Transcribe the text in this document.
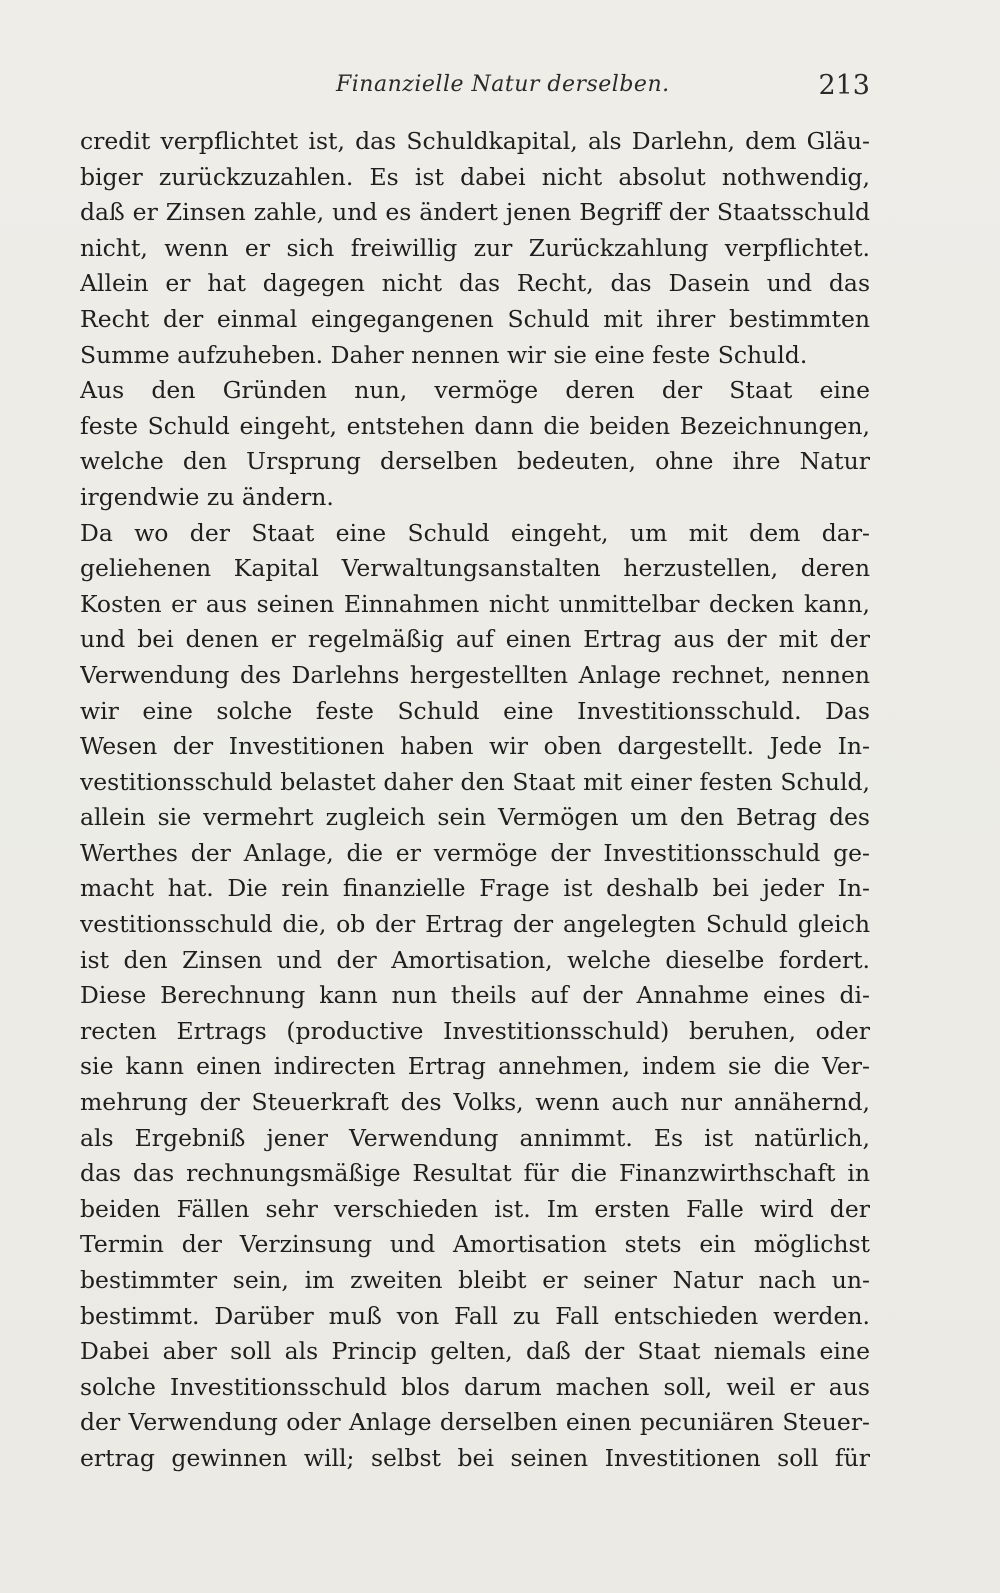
Finanzielle Natur derselben.	213
credit verpflichtet ist, das Schuldkapital, als Darlehn, dem Gläu-
biger zurückzuzahlen. Es ist dabei nicht absolut nothwendig,
daß er Zinsen zahle, und es ändert jenen Begriff der Staatsschuld
nicht, wenn er sich freiwillig zur Zurückzahlung verpflichtet.
Allein er hat dagegen nicht das Recht, das Dasein und das
Recht der einmal eingegangenen Schuld mit ihrer bestimmten
Summe aufzuheben. Daher nennen wir sie eine feste Schuld.
Aus den Gründen nun, vermöge deren der Staat eine
feste Schuld eingeht, entstehen dann die beiden Bezeichnungen,
welche den Ursprung derselben bedeuten, ohne ihre Natur
irgendwie zu ändern.
Da wo der Staat eine Schuld eingeht, um mit dem dar-
geliehenen Kapital Verwaltungsanstalten herzustellen, deren
Kosten er aus seinen Einnahmen nicht unmittelbar decken kann,
und bei denen er regelmäßig auf einen Ertrag aus der mit der
Verwendung des Darlehns hergestellten Anlage rechnet, nennen
wir eine solche feste Schuld eine Investitionsschuld. Das
Wesen der Investitionen haben wir oben dargestellt. Jede In-
vestitionsschuld belastet daher den Staat mit einer festen Schuld,
allein sie vermehrt zugleich sein Vermögen um den Betrag des
Werthes der Anlage, die er vermöge der Investitionsschuld ge-
macht hat. Die rein finanzielle Frage ist deshalb bei jeder In-
vestitionsschuld die, ob der Ertrag der angelegten Schuld gleich
ist den Zinsen und der Amortisation, welche dieselbe fordert.
Diese Berechnung kann nun theils auf der Annahme eines di-
recten Ertrags (productive Investitionsschuld) beruhen, oder
sie kann einen indirecten Ertrag annehmen, indem sie die Ver-
mehrung der Steuerkraft des Volks, wenn auch nur annähernd,
als Ergebniß jener Verwendung annimmt. Es ist natürlich,
das das rechnungsmäßige Resultat für die Finanzwirthschaft in
beiden Fällen sehr verschieden ist. Im ersten Falle wird der
Termin der Verzinsung und Amortisation stets ein möglichst
bestimmter sein, im zweiten bleibt er seiner Natur nach un-
bestimmt. Darüber muß von Fall zu Fall entschieden werden.
Dabei aber soll als Princip gelten, daß der Staat niemals eine
solche Investitionsschuld blos darum machen soll, weil er aus
der Verwendung oder Anlage derselben einen pecuniären Steuer-
ertrag gewinnen will; selbst bei seinen Investitionen soll für
